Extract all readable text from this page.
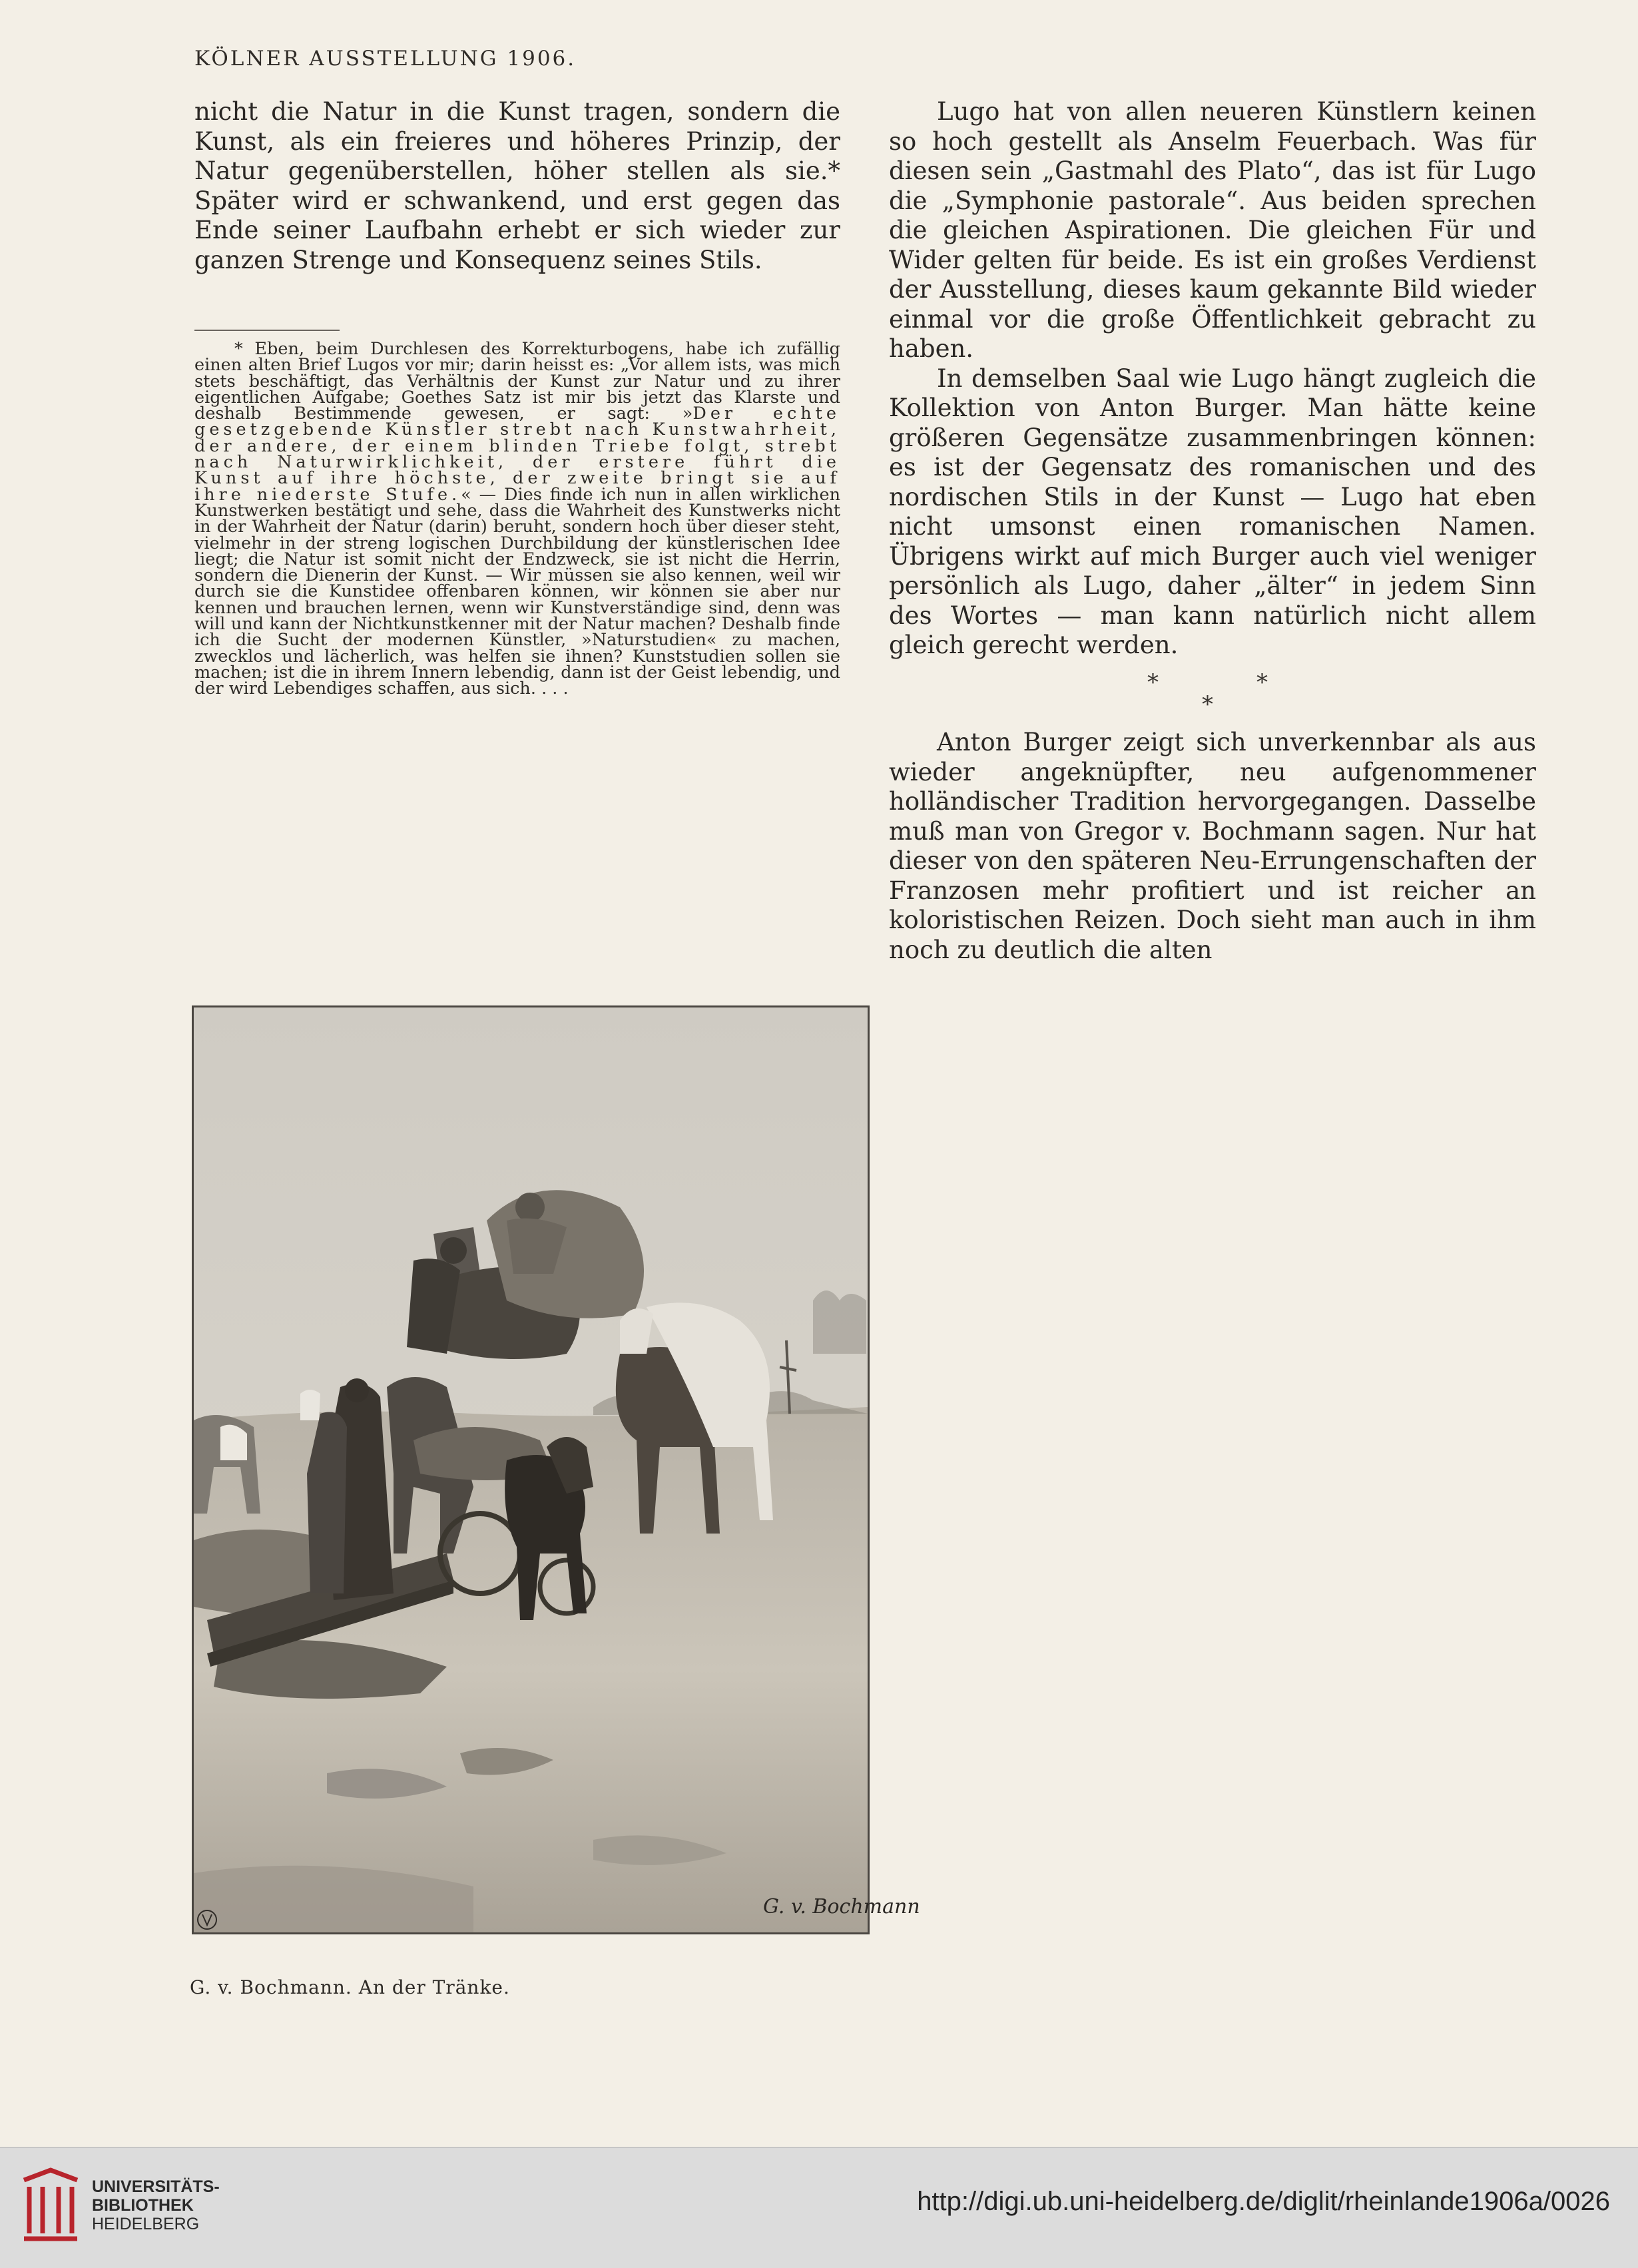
KÖLNER AUSSTELLUNG 1906.

nicht die Natur in die Kunst tragen, sondern die Kunst, als ein freieres und höheres Prinzip, der Natur gegenüberstellen, höher stellen als sie.* Später wird er schwankend, und erst gegen das Ende seiner Laufbahn erhebt er sich wieder zur ganzen Strenge und Konsequenz seines Stils.

* Eben, beim Durchlesen des Korrekturbogens, habe ich zufällig einen alten Brief Lugos vor mir; darin heisst es: „Vor allem ists, was mich stets beschäftigt, das Verhältnis der Kunst zur Natur und zu ihrer eigentlichen Aufgabe; Goethes Satz ist mir bis jetzt das Klarste und deshalb Bestimmende gewesen, er sagt: »Der echte gesetzgebende Künstler strebt nach Kunstwahrheit, der andere, der einem blinden Triebe folgt, strebt nach Naturwirklichkeit, der erstere führt die Kunst auf ihre höchste, der zweite bringt sie auf ihre niederste Stufe.« — Dies finde ich nun in allen wirklichen Kunstwerken bestätigt und sehe, dass die Wahrheit des Kunstwerks nicht in der Wahrheit der Natur (darin) beruht, sondern hoch über dieser steht, vielmehr in der streng logischen Durchbildung der künstlerischen Idee liegt; die Natur ist somit nicht der Endzweck, sie ist nicht die Herrin, sondern die Dienerin der Kunst. — Wir müssen sie also kennen, weil wir durch sie die Kunstidee offenbaren können, wir können sie aber nur kennen und brauchen lernen, wenn wir Kunstverständige sind, denn was will und kann der Nichtkunstkenner mit der Natur machen? Deshalb finde ich die Sucht der modernen Künstler, »Naturstudien« zu machen, zwecklos und lächerlich, was helfen sie ihnen? Kunststudien sollen sie machen; ist die in ihrem Innern lebendig, dann ist der Geist lebendig, und der wird Lebendiges schaffen, aus sich. . . .

Lugo hat von allen neueren Künstlern keinen so hoch gestellt als Anselm Feuerbach. Was für diesen sein „Gastmahl des Plato“, das ist für Lugo die „Symphonie pastorale“. Aus beiden sprechen die gleichen Aspirationen. Die gleichen Für und Wider gelten für beide. Es ist ein großes Verdienst der Ausstellung, dieses kaum gekannte Bild wieder einmal vor die große Öffentlichkeit gebracht zu haben.

In demselben Saal wie Lugo hängt zugleich die Kollektion von Anton Burger. Man hätte keine größeren Gegensätze zusammenbringen können: es ist der Gegensatz des romanischen und des nordischen Stils in der Kunst — Lugo hat eben nicht umsonst einen romanischen Namen. Übrigens wirkt auf mich Burger auch viel weniger persönlich als Lugo, daher „älter“ in jedem Sinn des Wortes — man kann natürlich nicht allem gleich gerecht werden.

*	*
*

Anton Burger zeigt sich unverkennbar als aus wieder angeknüpfter, neu aufgenommener holländischer Tradition hervorgegangen. Dasselbe muß man von Gregor v. Bochmann sagen. Nur hat dieser von den späteren Neu-Errungenschaften der Franzosen mehr profitiert und ist reicher an koloristischen Reizen. Doch sieht man auch in ihm noch zu deutlich die alten

G. v. Bochmann
G. v. Bochmann. An der Tränke.
UNIVERSITÄTS-
BIBLIOTHEK
HEIDELBERG
http://digi.ub.uni-heidelberg.de/diglit/rheinlande1906a/0026
